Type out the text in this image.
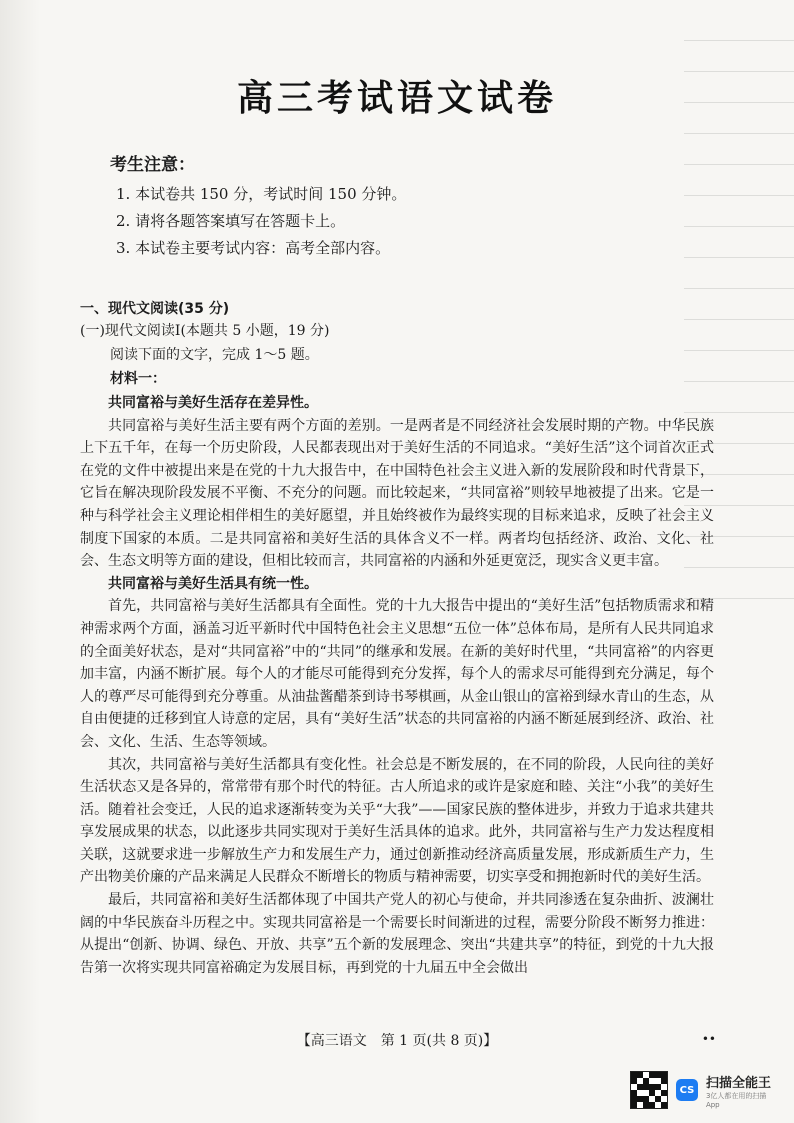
高三考试语文试卷
考生注意：
1. 本试卷共 150 分，考试时间 150 分钟。
2. 请将各题答案填写在答题卡上。
3. 本试卷主要考试内容：高考全部内容。
一、现代文阅读(35 分)
(一)现代文阅读Ⅰ(本题共 5 小题，19 分)
阅读下面的文字，完成 1～5 题。
材料一：

共同富裕与美好生活存在差异性。

共同富裕与美好生活主要有两个方面的差别。一是两者是不同经济社会发展时期的产物。中华民族上下五千年，在每一个历史阶段，人民都表现出对于美好生活的不同追求。“美好生活”这个词首次正式在党的文件中被提出来是在党的十九大报告中，在中国特色社会主义进入新的发展阶段和时代背景下，它旨在解决现阶段发展不平衡、不充分的问题。而比较起来，“共同富裕”则较早地被提了出来。它是一种与科学社会主义理论相伴相生的美好愿望，并且始终被作为最终实现的目标来追求，反映了社会主义制度下国家的本质。二是共同富裕和美好生活的具体含义不一样。两者均包括经济、政治、文化、社会、生态文明等方面的建设，但相比较而言，共同富裕的内涵和外延更宽泛，现实含义更丰富。

共同富裕与美好生活具有统一性。

首先，共同富裕与美好生活都具有全面性。党的十九大报告中提出的“美好生活”包括物质需求和精神需求两个方面，涵盖习近平新时代中国特色社会主义思想“五位一体”总体布局，是所有人民共同追求的全面美好状态，是对“共同富裕”中的“共同”的继承和发展。在新的美好时代里，“共同富裕”的内容更加丰富，内涵不断扩展。每个人的才能尽可能得到充分发挥，每个人的需求尽可能得到充分满足，每个人的尊严尽可能得到充分尊重。从油盐酱醋茶到诗书琴棋画，从金山银山的富裕到绿水青山的生态，从自由便捷的迁移到宜人诗意的定居，具有“美好生活”状态的共同富裕的内涵不断延展到经济、政治、社会、文化、生活、生态等领域。

其次，共同富裕与美好生活都具有变化性。社会总是不断发展的，在不同的阶段，人民向往的美好生活状态又是各异的，常常带有那个时代的特征。古人所追求的或许是家庭和睦、关注“小我”的美好生活。随着社会变迁，人民的追求逐渐转变为关乎“大我”——国家民族的整体进步，并致力于追求共建共享发展成果的状态，以此逐步共同实现对于美好生活具体的追求。此外，共同富裕与生产力发达程度相关联，这就要求进一步解放生产力和发展生产力，通过创新推动经济高质量发展，形成新质生产力，生产出物美价廉的产品来满足人民群众不断增长的物质与精神需要，切实享受和拥抱新时代的美好生活。

最后，共同富裕和美好生活都体现了中国共产党人的初心与使命，并共同渗透在复杂曲折、波澜壮阔的中华民族奋斗历程之中。实现共同富裕是一个需要长时间渐进的过程，需要分阶段不断努力推进：从提出“创新、协调、绿色、开放、共享”五个新的发展理念、突出“共建共享”的特征，到党的十九大报告第一次将实现共同富裕确定为发展目标，再到党的十九届五中全会做出

【高三语文　第 1 页(共 8 页)】	••
CS 扫描全能王
3亿人都在用的扫描App
